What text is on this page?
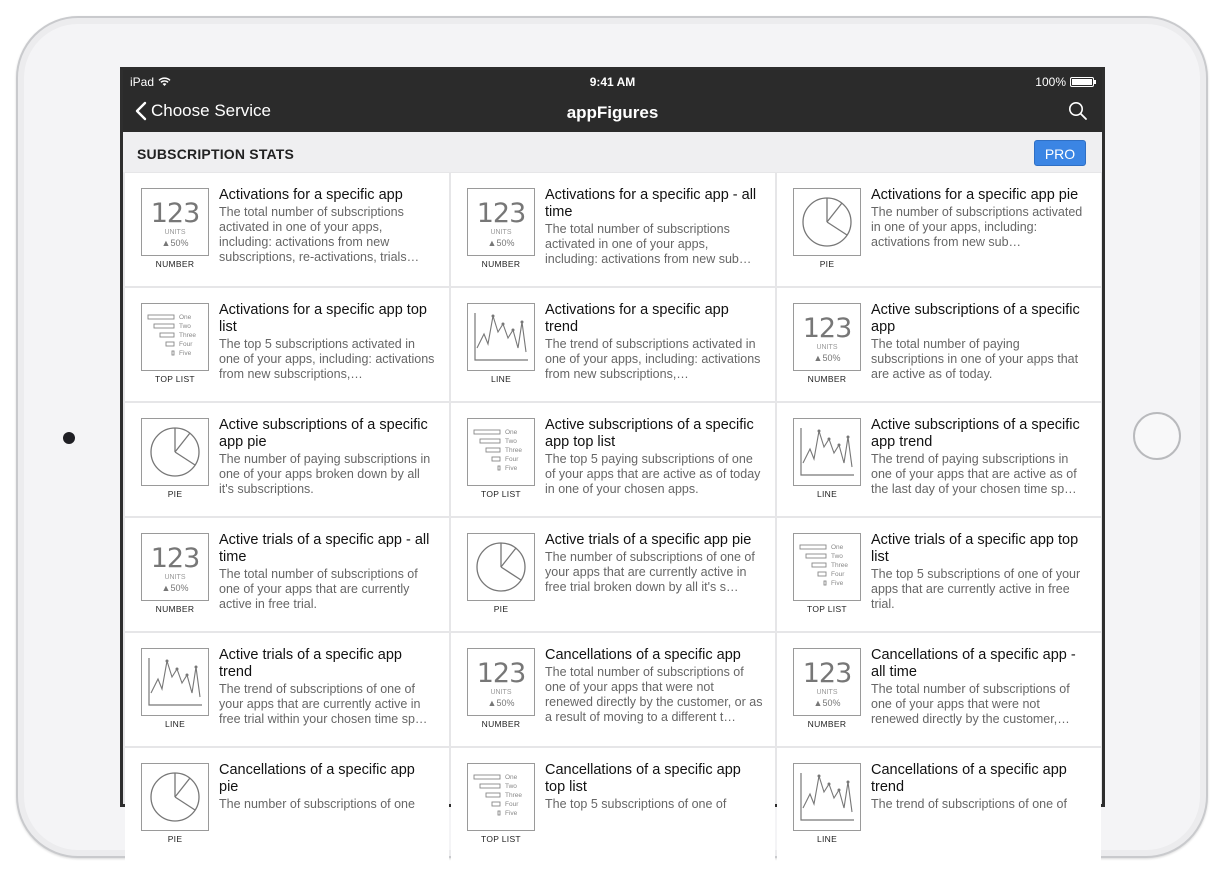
iPad	9:41 AM	100%
Choose Service	appFigures
SUBSCRIPTION STATS	PRO
123
UNITS
▲50%
NUMBER
Activations for a specific app
The total number of subscriptions activated in one of your apps, including: activations from new subscriptions, re-activations, trials…
123
UNITS
▲50%
NUMBER
Activations for a specific app - all time
The total number of subscriptions activated in one of your apps, including: activations from new sub…	PIE
Activations for a specific app pie
The number of subscriptions activated in one of your apps, including: activations from new sub…
One
Two
Three
Four
Five
TOP LIST
Activations for a specific app top list
The top 5 subscriptions activated in one of your apps, including: activations from new subscriptions,…	LINE
Activations for a specific app trend
The trend of subscriptions activated in one of your apps, including: activations from new subscriptions,…
123
UNITS
▲50%
NUMBER
Active subscriptions of a specific app
The total number of paying subscriptions in one of your apps that are active as of today.
PIE
Active subscriptions of a specific app pie
The number of paying subscriptions in one of your apps broken down by all it's subscriptions.
One
Two
Three
Four
Five
TOP LIST
Active subscriptions of a specific app top list
The top 5 paying subscriptions of one of your apps that are active as of today in one of your chosen apps.	LINE
Active subscriptions of a specific app trend
The trend of paying subscriptions in one of your apps that are active as of the last day of your chosen time sp…
123
UNITS
▲50%
NUMBER
Active trials of a specific app - all time
The total number of subscriptions of one of your apps that are currently active in free trial.	PIE
Active trials of a specific app pie
The number of subscriptions of one of your apps that are currently active in free trial broken down by all it's s…
One
Two
Three
Four
Five
TOP LIST
Active trials of a specific app top list
The top 5 subscriptions of one of your apps that are currently active in free trial.
LINE
Active trials of a specific app trend
The trend of subscriptions of one of your apps that are currently active in free trial within your chosen time sp…
123
UNITS
▲50%
NUMBER
Cancellations of a specific app
The total number of subscriptions of one of your apps that were not renewed directly by the customer, or as a result of moving to a different t…
123
UNITS
▲50%
NUMBER
Cancellations of a specific app - all time
The total number of subscriptions of one of your apps that were not renewed directly by the customer,…
PIE
Cancellations of a specific app pie
The number of subscriptions of one
One
Two
Three
Four
Five
TOP LIST
Cancellations of a specific app top list
The top 5 subscriptions of one of
LINE
Cancellations of a specific app trend
The trend of subscriptions of one of
